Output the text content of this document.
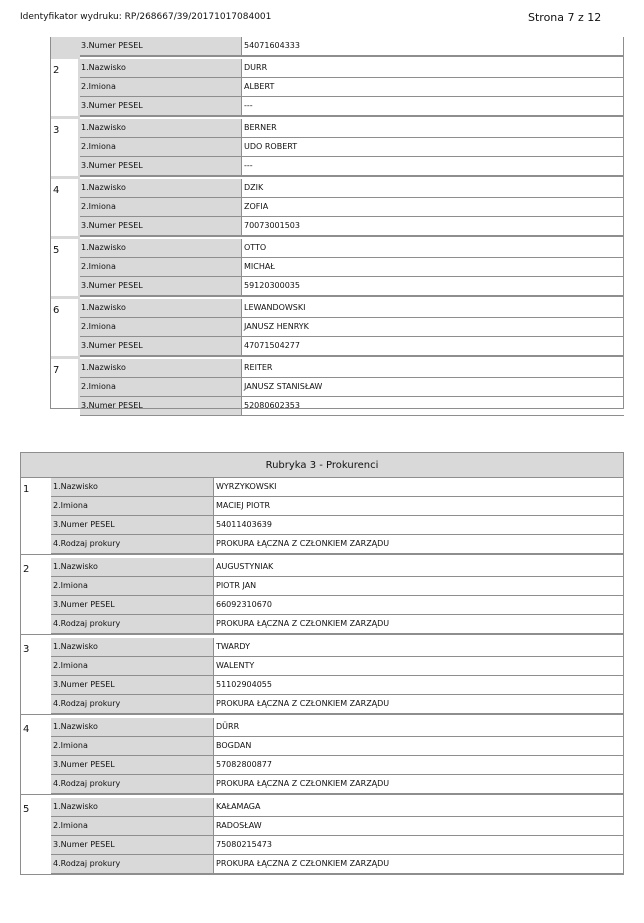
Identyfikator wydruku: RP/268667/39/20171017084001	Strona 7 z 12
3.Numer PESEL	54071604333
2	1.Nazwisko	DURR
2.Imiona	ALBERT
3.Numer PESEL	---
3	1.Nazwisko	BERNER
2.Imiona	UDO ROBERT
3.Numer PESEL	---
4	1.Nazwisko	DZIK
2.Imiona	ZOFIA
3.Numer PESEL	70073001503
5	1.Nazwisko	OTTO
2.Imiona	MICHAŁ
3.Numer PESEL	59120300035
6	1.Nazwisko	LEWANDOWSKI
2.Imiona	JANUSZ HENRYK
3.Numer PESEL	47071504277
7	1.Nazwisko	REITER
2.Imiona	JANUSZ STANISŁAW
3.Numer PESEL	52080602353
Rubryka 3 - Prokurenci
1	1.Nazwisko	WYRZYKOWSKI
2.Imiona	MACIEJ PIOTR
3.Numer PESEL	54011403639
4.Rodzaj prokury	PROKURA ŁĄCZNA Z CZŁONKIEM ZARZĄDU
2	1.Nazwisko	AUGUSTYNIAK
2.Imiona	PIOTR JAN
3.Numer PESEL	66092310670
4.Rodzaj prokury	PROKURA ŁĄCZNA Z CZŁONKIEM ZARZĄDU
3	1.Nazwisko	TWARDY
2.Imiona	WALENTY
3.Numer PESEL	51102904055
4.Rodzaj prokury	PROKURA ŁĄCZNA Z CZŁONKIEM ZARZĄDU
4	1.Nazwisko	DÜRR
2.Imiona	BOGDAN
3.Numer PESEL	57082800877
4.Rodzaj prokury	PROKURA ŁĄCZNA Z CZŁONKIEM ZARZĄDU
5	1.Nazwisko	KAŁAMAGA
2.Imiona	RADOSŁAW
3.Numer PESEL	75080215473
4.Rodzaj prokury	PROKURA ŁĄCZNA Z CZŁONKIEM ZARZĄDU
